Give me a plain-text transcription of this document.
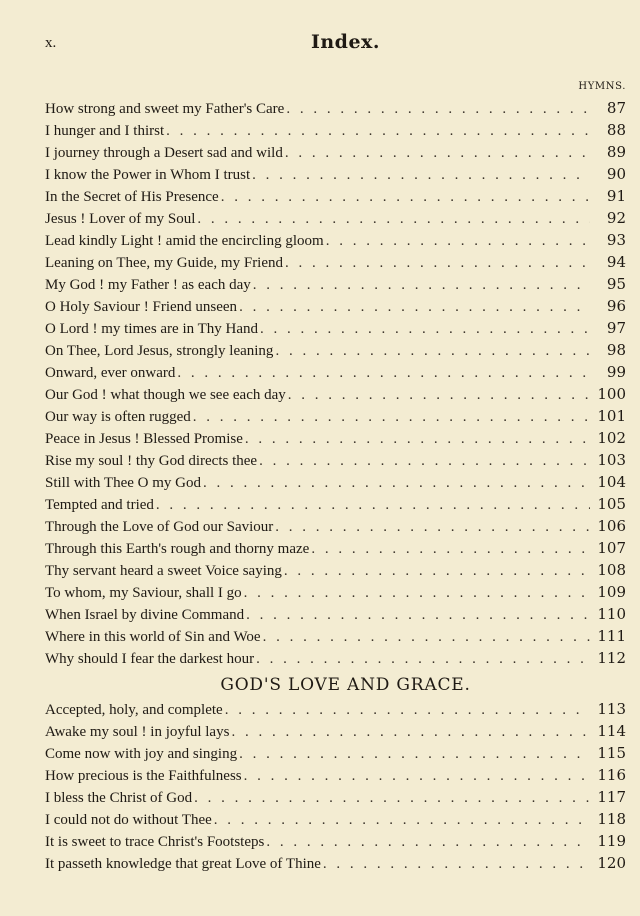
x.	Index.
HYMNS.
How strong and sweet my Father's Care . . .	87
I hunger and I thirst . . .	88
I journey through a Desert sad and wild . . .	89
I know the Power in Whom I trust . . .	90
In the Secret of His Presence . . .	91
Jesus ! Lover of my Soul . . .	92
Lead kindly Light ! amid the encircling gloom . . .	93
Leaning on Thee, my Guide, my Friend . . .	94
My God ! my Father ! as each day . . .	95
O Holy Saviour ! Friend unseen . . .	96
O Lord ! my times are in Thy Hand . . .	97
On Thee, Lord Jesus, strongly leaning . . .	98
Onward, ever onward . . .	99
Our God ! what though we see each day . . .	100
Our way is often rugged . . .	101
Peace in Jesus ! Blessed Promise . . .	102
Rise my soul ! thy God directs thee . . .	103
Still with Thee O my God . . .	104
Tempted and tried . . .	105
Through the Love of God our Saviour . . .	106
Through this Earth's rough and thorny maze . . .	107
Thy servant heard a sweet Voice saying . . .	108
To whom, my Saviour, shall I go . . .	109
When Israel by divine Command . . .	110
Where in this world of Sin and Woe . . .	111
Why should I fear the darkest hour . . .	112
GOD'S LOVE AND GRACE.
Accepted, holy, and complete . . .	113
Awake my soul ! in joyful lays . . .	114
Come now with joy and singing . . .	115
How precious is the Faithfulness . . .	116
I bless the Christ of God . . .	117
I could not do without Thee . . .	118
It is sweet to trace Christ's Footsteps . . .	119
It passeth knowledge that great Love of Thine . . .	120
